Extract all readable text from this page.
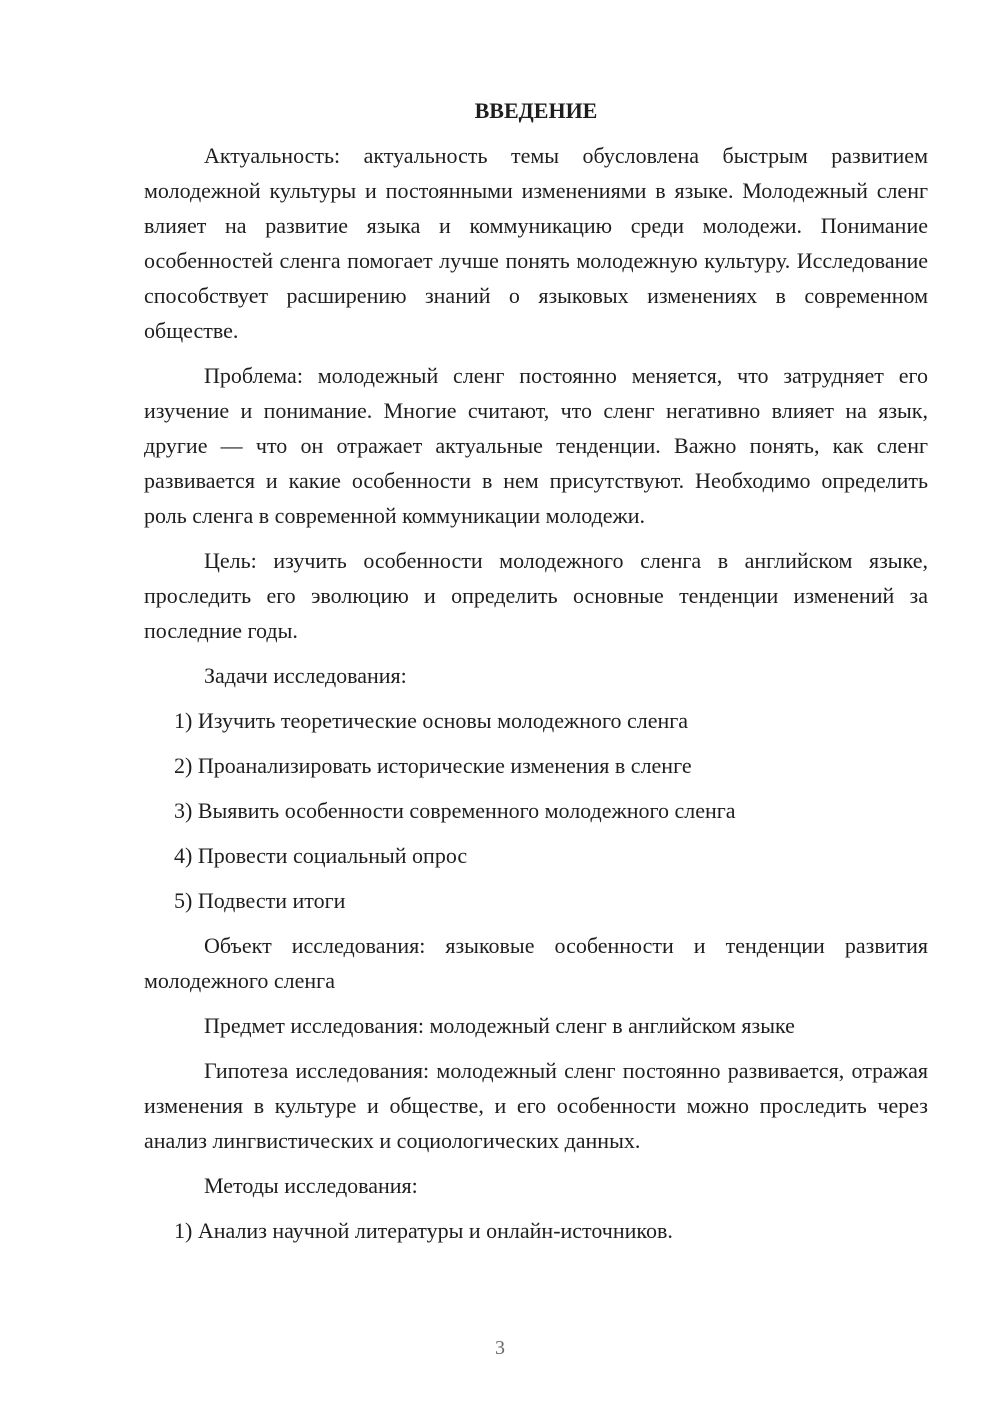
ВВЕДЕНИЕ
Актуальность: актуальность темы обусловлена быстрым развитием молодежной культуры и постоянными изменениями в языке. Молодежный сленг влияет на развитие языка и коммуникацию среди молодежи. Понимание особенностей сленга помогает лучше понять молодежную культуру. Исследование способствует расширению знаний о языковых изменениях в современном обществе.
Проблема: молодежный сленг постоянно меняется, что затрудняет его изучение и понимание. Многие считают, что сленг негативно влияет на язык, другие — что он отражает актуальные тенденции. Важно понять, как сленг развивается и какие особенности в нем присутствуют. Необходимо определить роль сленга в современной коммуникации молодежи.
Цель: изучить особенности молодежного сленга в английском языке, проследить его эволюцию и определить основные тенденции изменений за последние годы.
Задачи исследования:
1) Изучить теоретические основы молодежного сленга
2) Проанализировать исторические изменения в сленге
3) Выявить особенности современного молодежного сленга
4) Провести социальный опрос
5) Подвести итоги
Объект исследования: языковые особенности и тенденции развития молодежного сленга
Предмет исследования: молодежный сленг в английском языке
Гипотеза исследования: молодежный сленг постоянно развивается, отражая изменения в культуре и обществе, и его особенности можно проследить через анализ лингвистических и социологических данных.
Методы исследования:
1) Анализ научной литературы и онлайн-источников.
3
